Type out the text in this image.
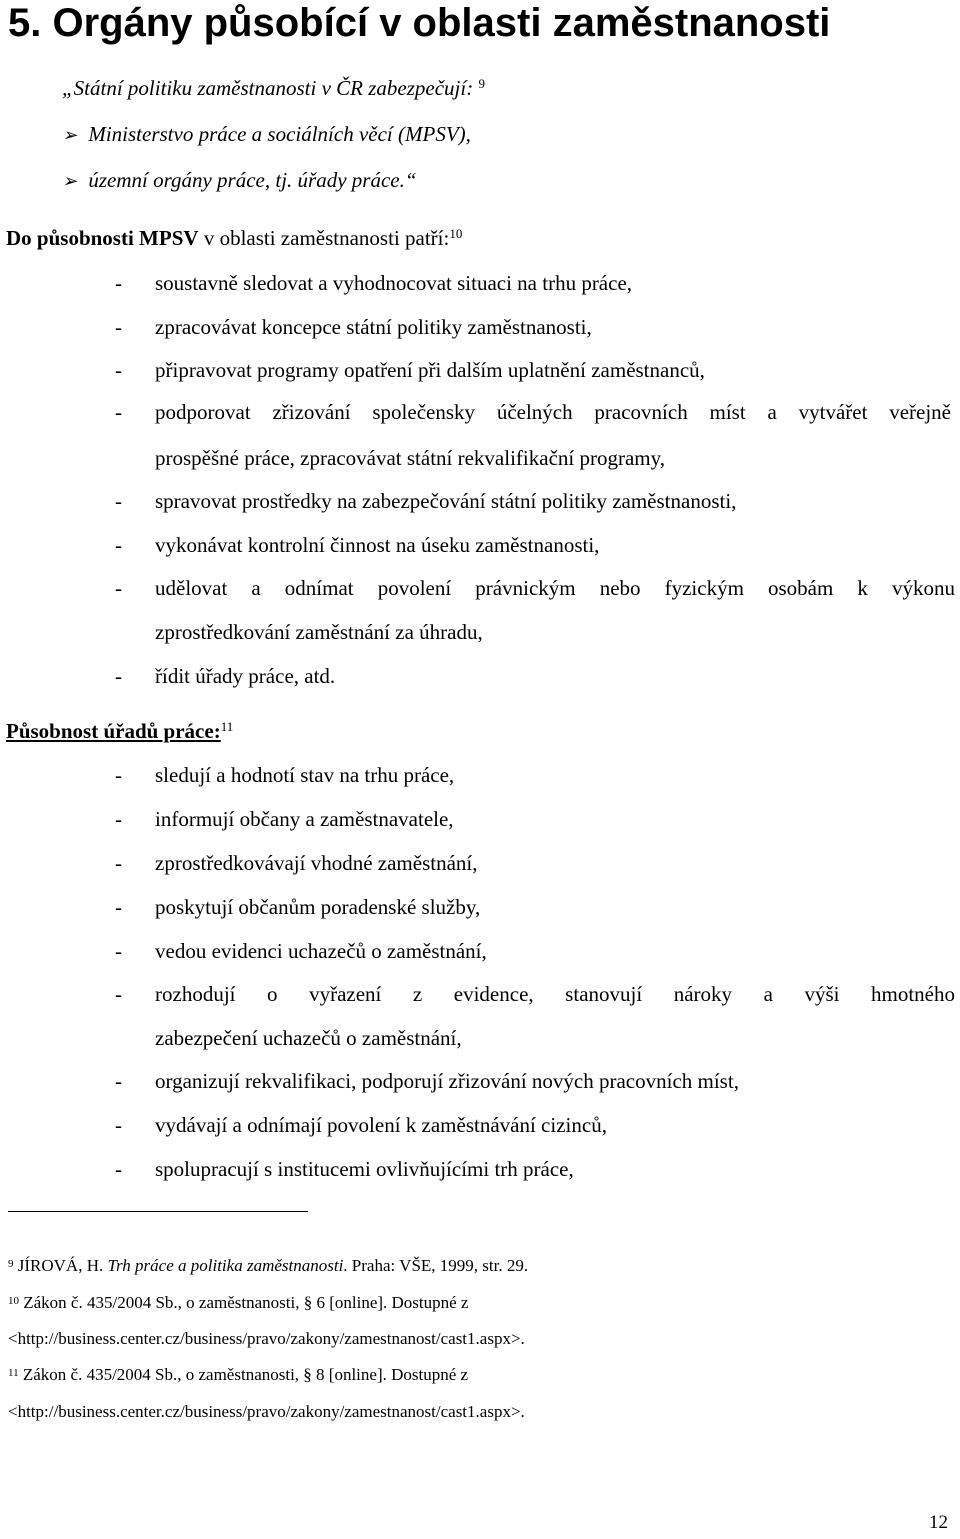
5. Orgány působící v oblasti zaměstnanosti
„Státní politiku zaměstnanosti v ČR zabezpečují: $^9$
➢ Ministerstvo práce a sociálních věcí (MPSV),
➢ územní orgány práce, tj. úřady práce.“
Do působnosti MPSV v oblasti zaměstnanosti patří:$^{10}$
- soustavně sledovat a vyhodnocovat situaci na trhu práce,
- zpracovávat koncepce státní politiky zaměstnanosti,
- připravovat programy opatření při dalším uplatnění zaměstnanců,
- podporovat zřizování společensky účelných pracovních míst a vytvářet veřejně
prospěšné práce, zpracovávat státní rekvalifikační programy,
- spravovat prostředky na zabezpečování státní politiky zaměstnanosti,
- vykonávat kontrolní činnost na úseku zaměstnanosti,
- udělovat a odnímat povolení právnickým nebo fyzickým osobám k výkonu
zprostředkování zaměstnání za úhradu,
- řídit úřady práce, atd.
Působnost úřadů práce:$^{11}$
- sledují a hodnotí stav na trhu práce,
- informují občany a zaměstnavatele,
- zprostředkovávají vhodné zaměstnání,
- poskytují občanům poradenské služby,
- vedou evidenci uchazečů o zaměstnání,
- rozhodují o vyřazení z evidence, stanovují nároky a výši hmotného
zabezpečení uchazečů o zaměstnání,
- organizují rekvalifikaci, podporují zřizování nových pracovních míst,
- vydávají a odnímají povolení k zaměstnávání cizinců,
- spolupracují s institucemi ovlivňujícími trh práce,
$^9$ JÍROVÁ, H. Trh práce a politika zaměstnanosti. Praha: VŠE, 1999, str. 29.
$^{10}$ Zákon č. 435/2004 Sb., o zaměstnanosti, § 6 [online]. Dostupné z
<http://business.center.cz/business/pravo/zakony/zamestnanost/cast1.aspx>.
$^{11}$ Zákon č. 435/2004 Sb., o zaměstnanosti, § 8 [online]. Dostupné z
<http://business.center.cz/business/pravo/zakony/zamestnanost/cast1.aspx>.
12
